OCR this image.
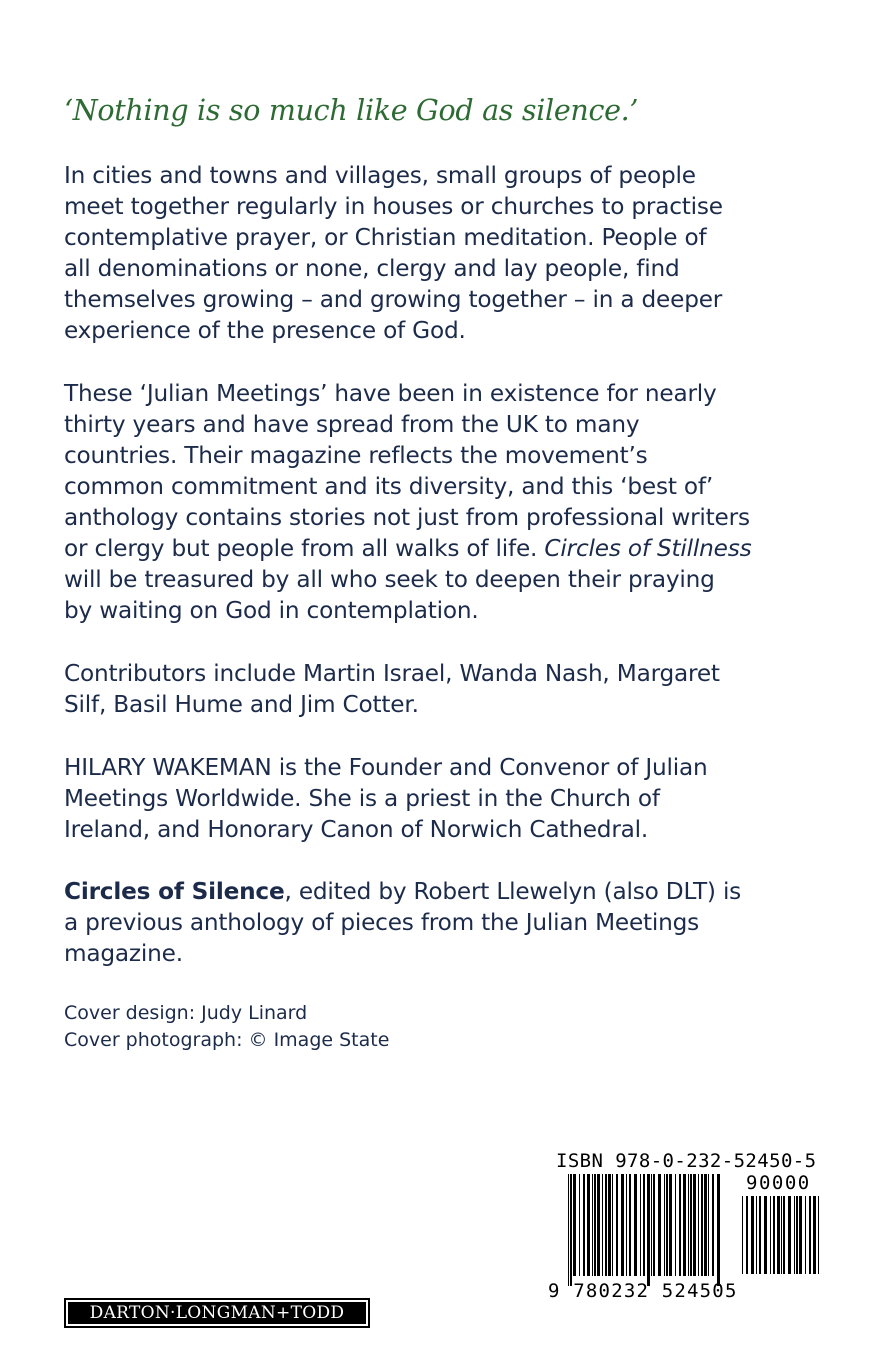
‘Nothing is so much like God as silence.’

In cities and towns and villages, small groups of people
meet together regularly in houses or churches to practise
contemplative prayer, or Christian meditation. People of
all denominations or none, clergy and lay people, find
themselves growing – and growing together – in a deeper
experience of the presence of God.

These ‘Julian Meetings’ have been in existence for nearly
thirty years and have spread from the UK to many
countries. Their magazine reflects the movement’s
common commitment and its diversity, and this ‘best of’
anthology contains stories not just from professional writers
or clergy but people from all walks of life. Circles of Stillness
will be treasured by all who seek to deepen their praying
by waiting on God in contemplation.

Contributors include Martin Israel, Wanda Nash, Margaret
Silf, Basil Hume and Jim Cotter.

HILARY WAKEMAN is the Founder and Convenor of Julian
Meetings Worldwide. She is a priest in the Church of
Ireland, and Honorary Canon of Norwich Cathedral.

Circles of Silence, edited by Robert Llewelyn (also DLT) is
a previous anthology of pieces from the Julian Meetings
magazine.

Cover design: Judy Linard
Cover photograph: © Image State
ISBN 978-0-232-52450-5
90000
9 780232 524505
DARTON·LONGMAN+TODD
